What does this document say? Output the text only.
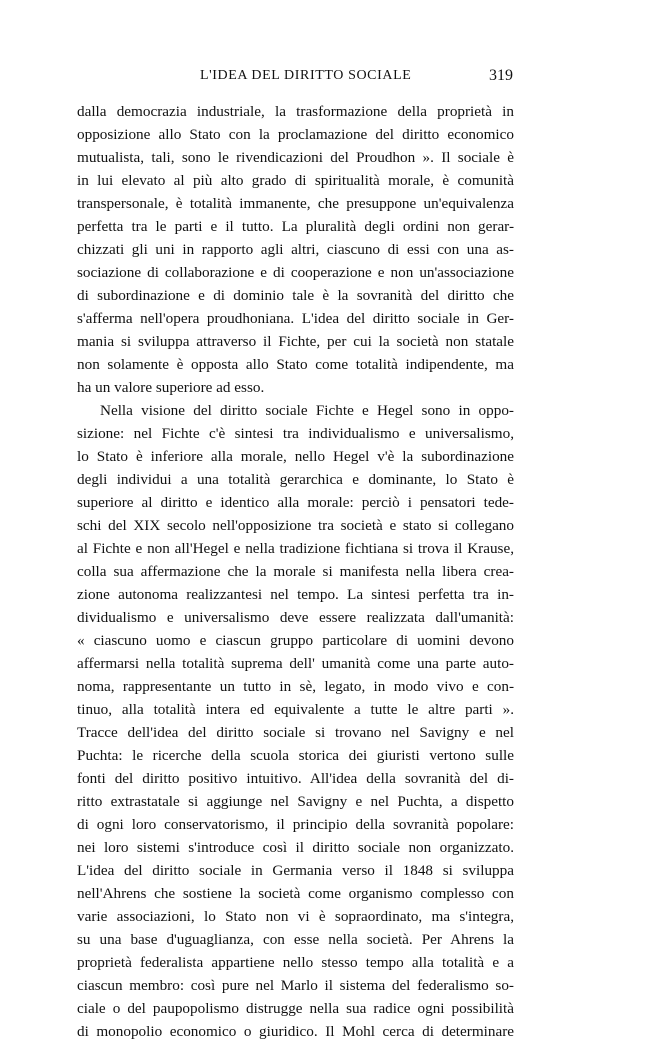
L'IDEA DEL DIRITTO SOCIALE	319
dalla democrazia industriale, la trasformazione della proprietà in
opposizione allo Stato con la proclamazione del diritto economico
mutualista, tali, sono le rivendicazioni del Proudhon ». Il sociale è
in lui elevato al più alto grado di spiritualità morale, è comunità
transpersonale, è totalità immanente, che presuppone un'equivalenza
perfetta tra le parti e il tutto. La pluralità degli ordini non gerar-
chizzati gli uni in rapporto agli altri, ciascuno di essi con una as-
sociazione di collaborazione e di cooperazione e non un'associazione
di subordinazione e di dominio tale è la sovranità del diritto che
s'afferma nell'opera proudhoniana. L'idea del diritto sociale in Ger-
mania si sviluppa attraverso il Fichte, per cui la società non statale
non solamente è opposta allo Stato come totalità indipendente, ma
ha un valore superiore ad esso.
Nella visione del diritto sociale Fichte e Hegel sono in oppo-
sizione: nel Fichte c'è sintesi tra individualismo e universalismo,
lo Stato è inferiore alla morale, nello Hegel v'è la subordinazione
degli individui a una totalità gerarchica e dominante, lo Stato è
superiore al diritto e identico alla morale: perciò i pensatori tede-
schi del XIX secolo nell'opposizione tra società e stato si collegano
al Fichte e non all'Hegel e nella tradizione fichtiana si trova il Krause,
colla sua affermazione che la morale si manifesta nella libera crea-
zione autonoma realizzantesi nel tempo. La sintesi perfetta tra in-
dividualismo e universalismo deve essere realizzata dall'umanità:
« ciascuno uomo e ciascun gruppo particolare di uomini devono
affermarsi nella totalità suprema dell' umanità come una parte auto-
noma, rappresentante un tutto in sè, legato, in modo vivo e con-
tinuo, alla totalità intera ed equivalente a tutte le altre parti ».
Tracce dell'idea del diritto sociale si trovano nel Savigny e nel
Puchta: le ricerche della scuola storica dei giuristi vertono sulle
fonti del diritto positivo intuitivo. All'idea della sovranità del di-
ritto extrastatale si aggiunge nel Savigny e nel Puchta, a dispetto
di ogni loro conservatorismo, il principio della sovranità popolare:
nei loro sistemi s'introduce così il diritto sociale non organizzato.
L'idea del diritto sociale in Germania verso il 1848 si sviluppa
nell'Ahrens che sostiene la società come organismo complesso con
varie associazioni, lo Stato non vi è sopraordinato, ma s'integra,
su una base d'uguaglianza, con esse nella società. Per Ahrens la
proprietà federalista appartiene nello stesso tempo alla totalità e a
ciascun membro: così pure nel Marlo il sistema del federalismo so-
ciale o del paupopolismo distrugge nella sua radice ogni possibilità
di monopolio economico o giuridico. Il Mohl cerca di determinare
